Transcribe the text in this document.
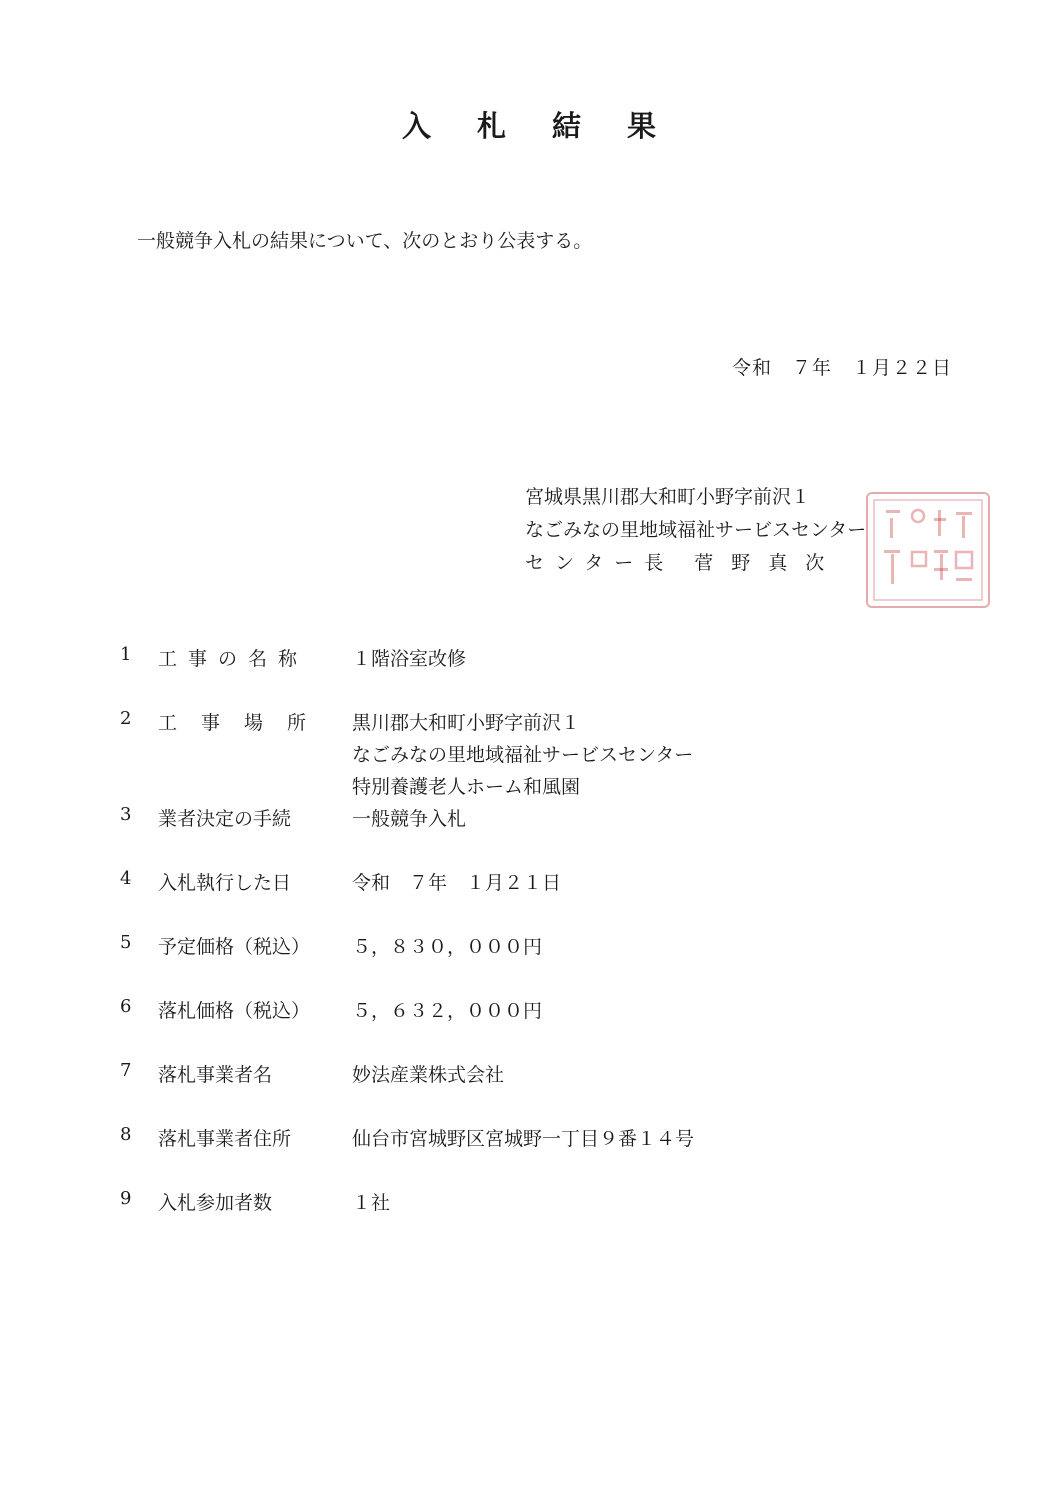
入札結果
一般競争入札の結果について、次のとおり公表する。
令和　７年　１月２２日
宮城県黒川郡大和町小野字前沢１
なごみなの里地域福祉サービスセンター
センター長 菅野真次
1 工事の名称 １階浴室改修
2 工事場所 黒川郡大和町小野字前沢１
なごみなの里地域福祉サービスセンター
特別養護老人ホーム和風園
3 業者決定の手続	一般競争入札
4 入札執行した日	令和　７年　１月２１日
5 予定価格（税込） ５，８３０，０００円
6 落札価格（税込） ５，６３２，０００円
7 落札事業者名	妙法産業株式会社
8 落札事業者住所	仙台市宮城野区宮城野一丁目９番１４号
9 入札参加者数	１社
